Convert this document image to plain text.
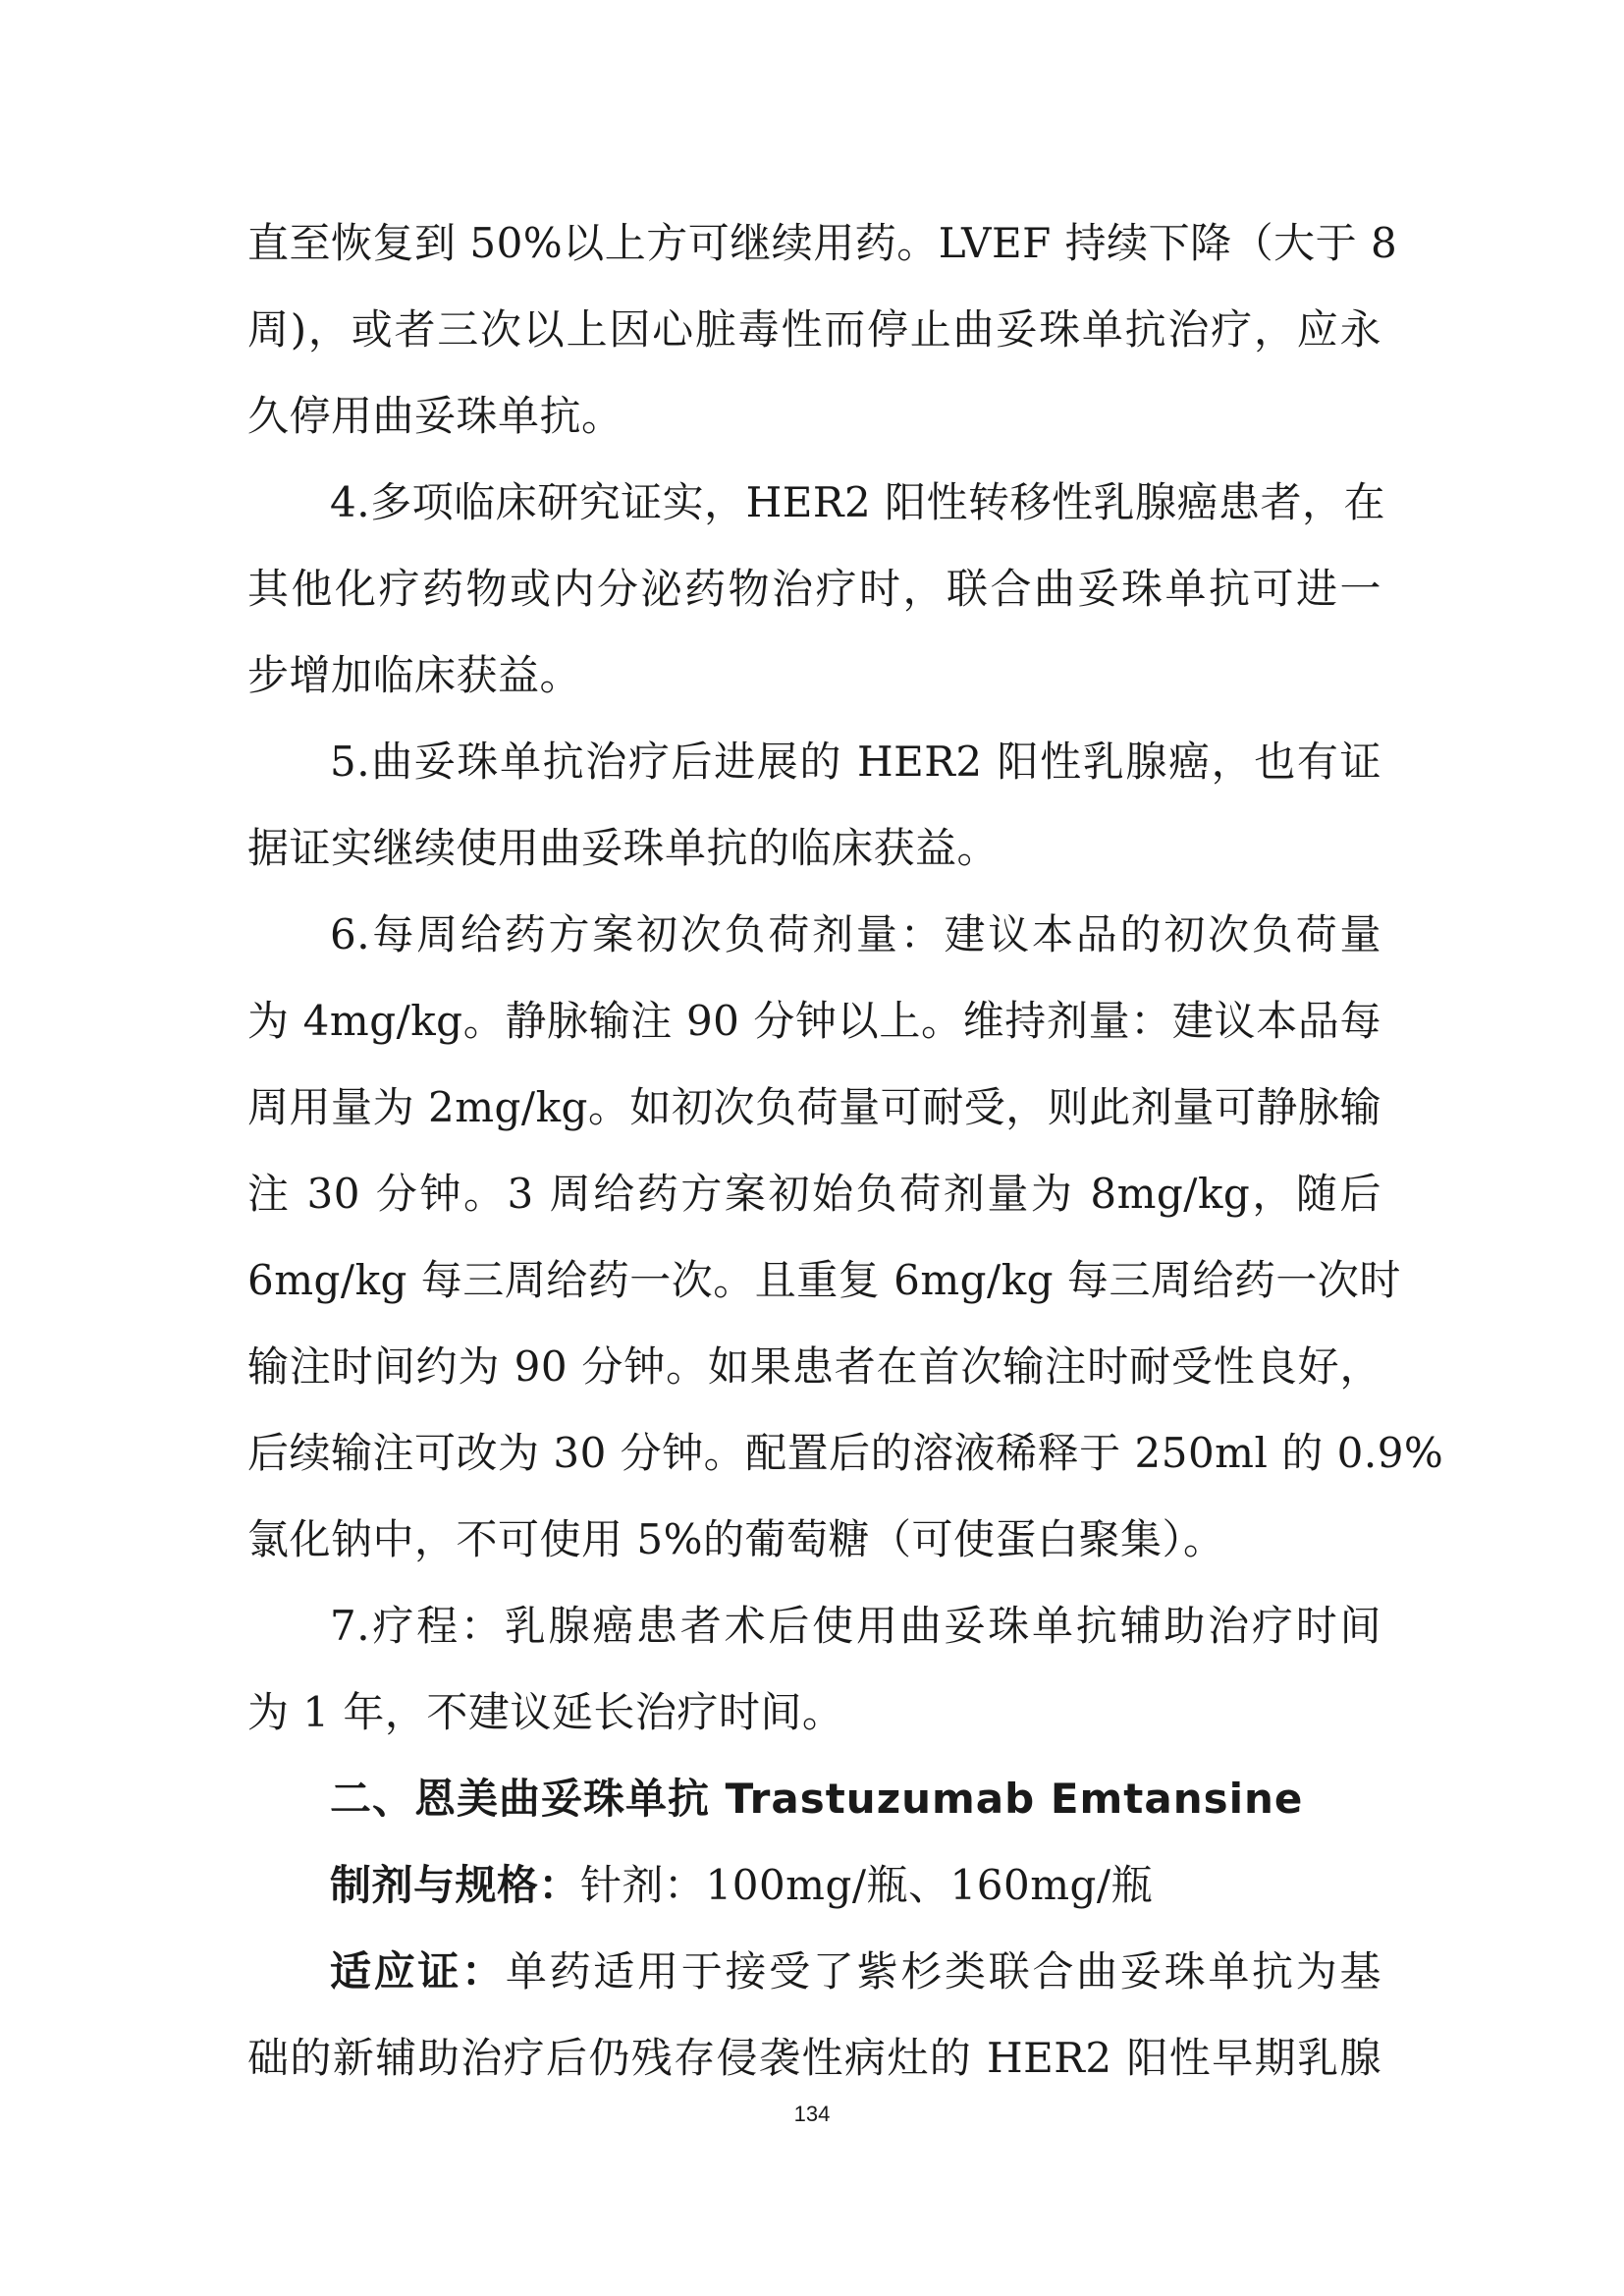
直至恢复到 50%以上方可继续用药。LVEF 持续下降（大于 8
周)，或者三次以上因心脏毒性而停止曲妥珠单抗治疗，应永
久停用曲妥珠单抗。
4.多项临床研究证实，HER2 阳性转移性乳腺癌患者，在
其他化疗药物或内分泌药物治疗时，联合曲妥珠单抗可进一
步增加临床获益。
5.曲妥珠单抗治疗后进展的 HER2 阳性乳腺癌，也有证
据证实继续使用曲妥珠单抗的临床获益。
6.每周给药方案初次负荷剂量：建议本品的初次负荷量
为 4mg/kg。静脉输注 90 分钟以上。维持剂量：建议本品每
周用量为 2mg/kg。如初次负荷量可耐受，则此剂量可静脉输
注 30 分钟。3 周给药方案初始负荷剂量为 8mg/kg，随后
6mg/kg 每三周给药一次。且重复 6mg/kg 每三周给药一次时
输注时间约为 90 分钟。如果患者在首次输注时耐受性良好，
后续输注可改为 30 分钟。配置后的溶液稀释于 250ml 的 0.9%
氯化钠中，不可使用 5%的葡萄糖（可使蛋白聚集）。
7.疗程：乳腺癌患者术后使用曲妥珠单抗辅助治疗时间
为 1 年，不建议延长治疗时间。
二、恩美曲妥珠单抗 Trastuzumab Emtansine
制剂与规格：针剂：100mg/瓶、160mg/瓶
适应证：单药适用于接受了紫杉类联合曲妥珠单抗为基
础的新辅助治疗后仍残存侵袭性病灶的 HER2 阳性早期乳腺
134
